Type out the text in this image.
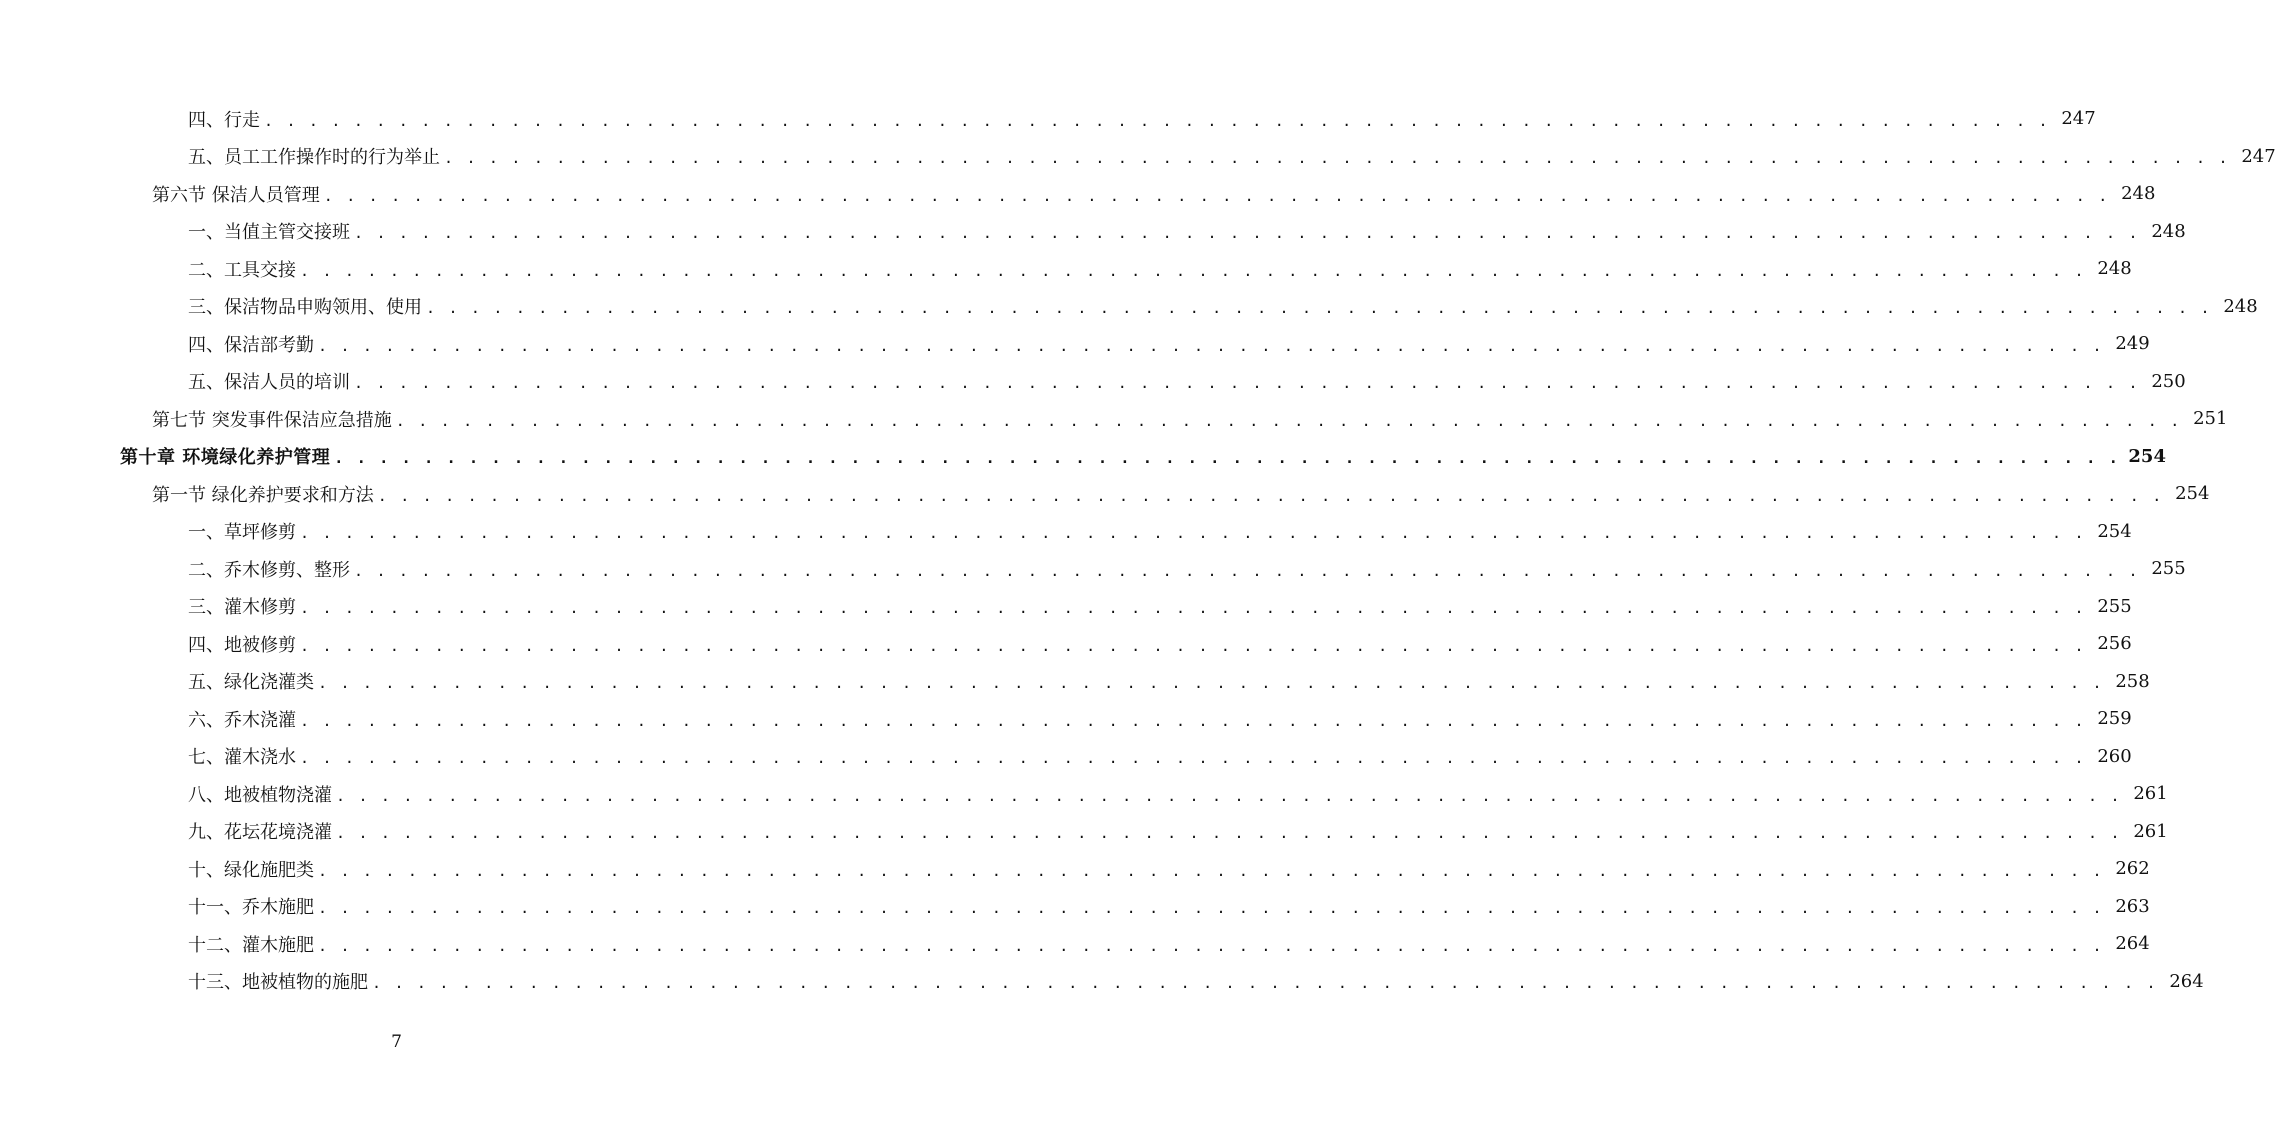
四、行走 . . . . . . . . . . . . . . . . . . . . . . . . . . . . . . . . . . . . . . . . . . . . . . . . . . . . . . . . . . . . . . . . . . . . . . . . . . . . . . . . 247
五、员工工作操作时的行为举止 . . . . . . . . . . . . . . . . . . . . . . . . . . . . . . . . . . . . . . . . . . . . . . . . . . . . . . . . . . . . . . . . . . . . . . . . . . . . . . . . 247
第六节 保洁人员管理 . . . . . . . . . . . . . . . . . . . . . . . . . . . . . . . . . . . . . . . . . . . . . . . . . . . . . . . . . . . . . . . . . . . . . . . . . . . . . . . . 248
一、当值主管交接班 . . . . . . . . . . . . . . . . . . . . . . . . . . . . . . . . . . . . . . . . . . . . . . . . . . . . . . . . . . . . . . . . . . . . . . . . . . . . . . . . 248
二、工具交接 . . . . . . . . . . . . . . . . . . . . . . . . . . . . . . . . . . . . . . . . . . . . . . . . . . . . . . . . . . . . . . . . . . . . . . . . . . . . . . . . 248
三、保洁物品申购领用、使用 . . . . . . . . . . . . . . . . . . . . . . . . . . . . . . . . . . . . . . . . . . . . . . . . . . . . . . . . . . . . . . . . . . . . . . . . . . . . . . . . 248
四、保洁部考勤 . . . . . . . . . . . . . . . . . . . . . . . . . . . . . . . . . . . . . . . . . . . . . . . . . . . . . . . . . . . . . . . . . . . . . . . . . . . . . . . . 249
五、保洁人员的培训 . . . . . . . . . . . . . . . . . . . . . . . . . . . . . . . . . . . . . . . . . . . . . . . . . . . . . . . . . . . . . . . . . . . . . . . . . . . . . . . . 250
第七节 突发事件保洁应急措施 . . . . . . . . . . . . . . . . . . . . . . . . . . . . . . . . . . . . . . . . . . . . . . . . . . . . . . . . . . . . . . . . . . . . . . . . . . . . . . . . 251
第十章 环境绿化养护管理 . . . . . . . . . . . . . . . . . . . . . . . . . . . . . . . . . . . . . . . . . . . . . . . . . . . . . . . . . . . . . . . . . . . . . . . . . . . . . . . . 254
第一节 绿化养护要求和方法 . . . . . . . . . . . . . . . . . . . . . . . . . . . . . . . . . . . . . . . . . . . . . . . . . . . . . . . . . . . . . . . . . . . . . . . . . . . . . . . . 254
一、草坪修剪 . . . . . . . . . . . . . . . . . . . . . . . . . . . . . . . . . . . . . . . . . . . . . . . . . . . . . . . . . . . . . . . . . . . . . . . . . . . . . . . . 254
二、乔木修剪、整形 . . . . . . . . . . . . . . . . . . . . . . . . . . . . . . . . . . . . . . . . . . . . . . . . . . . . . . . . . . . . . . . . . . . . . . . . . . . . . . . . 255
三、灌木修剪 . . . . . . . . . . . . . . . . . . . . . . . . . . . . . . . . . . . . . . . . . . . . . . . . . . . . . . . . . . . . . . . . . . . . . . . . . . . . . . . . 255
四、地被修剪 . . . . . . . . . . . . . . . . . . . . . . . . . . . . . . . . . . . . . . . . . . . . . . . . . . . . . . . . . . . . . . . . . . . . . . . . . . . . . . . . 256
五、绿化浇灌类 . . . . . . . . . . . . . . . . . . . . . . . . . . . . . . . . . . . . . . . . . . . . . . . . . . . . . . . . . . . . . . . . . . . . . . . . . . . . . . . . 258
六、乔木浇灌 . . . . . . . . . . . . . . . . . . . . . . . . . . . . . . . . . . . . . . . . . . . . . . . . . . . . . . . . . . . . . . . . . . . . . . . . . . . . . . . . 259
七、灌木浇水 . . . . . . . . . . . . . . . . . . . . . . . . . . . . . . . . . . . . . . . . . . . . . . . . . . . . . . . . . . . . . . . . . . . . . . . . . . . . . . . . 260
八、地被植物浇灌 . . . . . . . . . . . . . . . . . . . . . . . . . . . . . . . . . . . . . . . . . . . . . . . . . . . . . . . . . . . . . . . . . . . . . . . . . . . . . . . . 261
九、花坛花境浇灌 . . . . . . . . . . . . . . . . . . . . . . . . . . . . . . . . . . . . . . . . . . . . . . . . . . . . . . . . . . . . . . . . . . . . . . . . . . . . . . . . 261
十、绿化施肥类 . . . . . . . . . . . . . . . . . . . . . . . . . . . . . . . . . . . . . . . . . . . . . . . . . . . . . . . . . . . . . . . . . . . . . . . . . . . . . . . . 262
十一、乔木施肥 . . . . . . . . . . . . . . . . . . . . . . . . . . . . . . . . . . . . . . . . . . . . . . . . . . . . . . . . . . . . . . . . . . . . . . . . . . . . . . . . 263
十二、灌木施肥 . . . . . . . . . . . . . . . . . . . . . . . . . . . . . . . . . . . . . . . . . . . . . . . . . . . . . . . . . . . . . . . . . . . . . . . . . . . . . . . . 264
十三、地被植物的施肥 . . . . . . . . . . . . . . . . . . . . . . . . . . . . . . . . . . . . . . . . . . . . . . . . . . . . . . . . . . . . . . . . . . . . . . . . . . . . . . . . 264
7
